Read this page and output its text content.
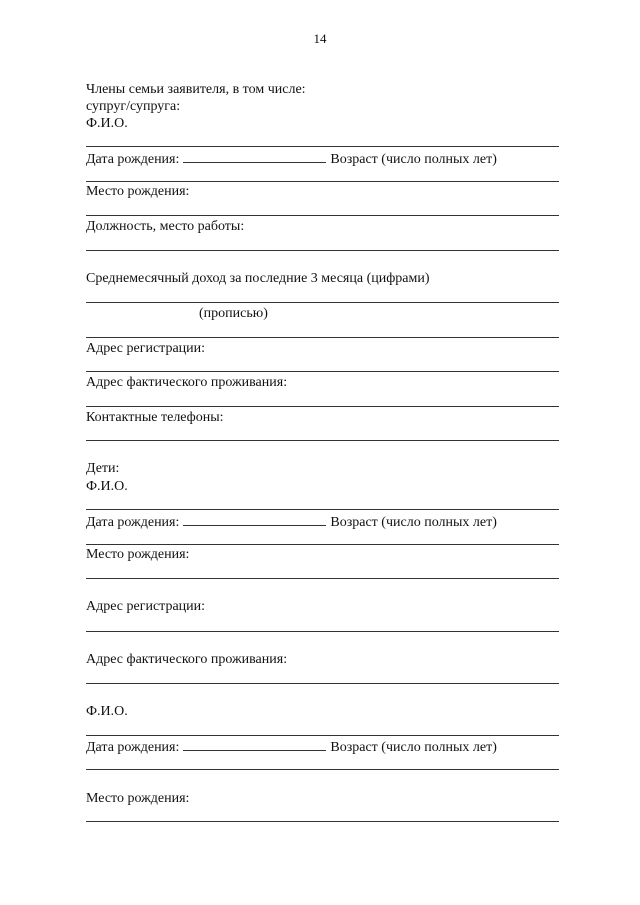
14
Члены семьи заявителя, в том числе:
супруг/супруга:
Ф.И.О.
Дата рождения:	Возраст (число полных лет)
Место рождения:
Должность, место работы:
Среднемесячный доход за последние 3 месяца (цифрами)
(прописью)
Адрес регистрации:
Адрес фактического проживания:
Контактные телефоны:
Дети:
Ф.И.О.
Дата рождения:	Возраст (число полных лет)
Место рождения:
Адрес регистрации:
Адрес фактического проживания:
Ф.И.О.
Дата рождения:	Возраст (число полных лет)
Место рождения:
